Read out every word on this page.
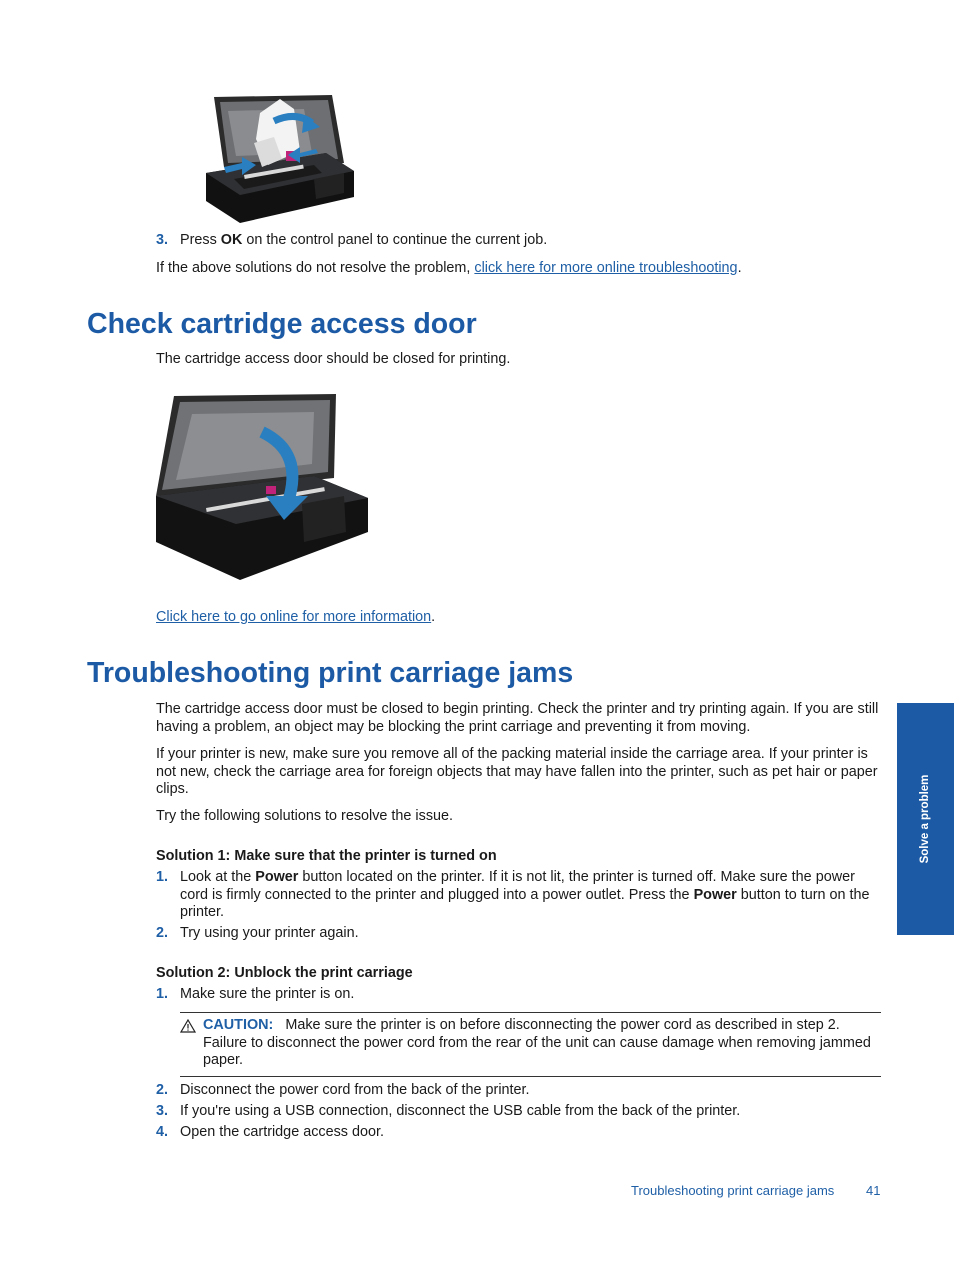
3. Press OK on the control panel to continue the current job.
If the above solutions do not resolve the problem, click here for more online troubleshooting.
Check cartridge access door
The cartridge access door should be closed for printing.
Click here to go online for more information.
Troubleshooting print carriage jams
The cartridge access door must be closed to begin printing. Check the printer and try printing again. If you are still having a problem, an object may be blocking the print carriage and preventing it from moving.
If your printer is new, make sure you remove all of the packing material inside the carriage area. If your printer is not new, check the carriage area for foreign objects that may have fallen into the printer, such as pet hair or paper clips.
Try the following solutions to resolve the issue.
Solution 1: Make sure that the printer is turned on
1. Look at the Power button located on the printer. If it is not lit, the printer is turned off. Make sure the power cord is firmly connected to the printer and plugged into a power outlet. Press the Power button to turn on the printer.
2. Try using your printer again.
Solution 2: Unblock the print carriage
1. Make sure the printer is on.
CAUTION: Make sure the printer is on before disconnecting the power cord as described in step 2. Failure to disconnect the power cord from the rear of the unit can cause damage when removing jammed paper.
2. Disconnect the power cord from the back of the printer.
3. If you're using a USB connection, disconnect the USB cable from the back of the printer.
4. Open the cartridge access door.
Solve a problem
Troubleshooting print carriage jams 41
